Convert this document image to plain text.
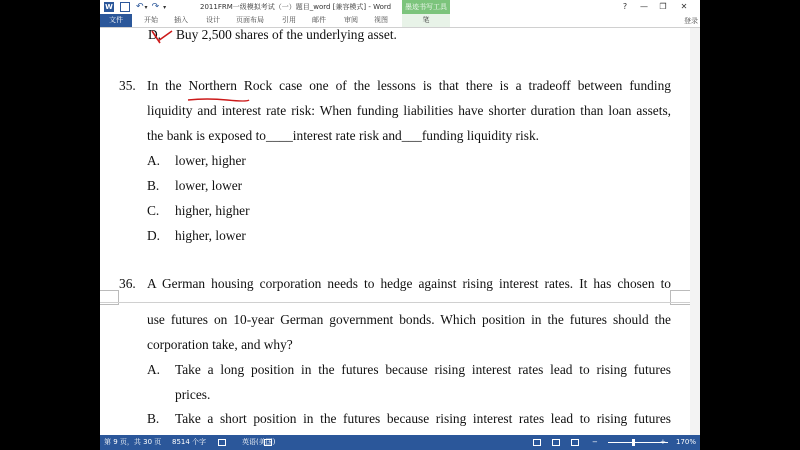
W	↶ ▾ ↷ ▾	2011FRM一级模拟考试（一）题目_word [兼容模式] - Word	墨迹书写工具	?	—	❐	✕
文件	开始 插入	设计 页面布局	引用 邮件	审阅 视图	笔	登录
D. Buy 2,500 shares of the underlying asset.
35. In the Northern Rock case one of the lessons is that there is a tradeoff between funding
liquidity and interest rate risk: When funding liabilities have shorter duration than loan assets,
the bank is exposed to____interest rate risk and___funding liquidity risk.
A. lower, higher
B. lower, lower
C. higher, higher
D. higher, lower
36. A German housing corporation needs to hedge against rising interest rates. It has chosen to
use futures on 10-year German government bonds. Which position in the futures should the
corporation take, and why?
A. Take a long position in the futures because rising interest rates lead to rising futures
prices.
B. Take a short position in the futures because rising interest rates lead to rising futures
第 9 页，共 30 页 8514 个字	英语(美国)	−	+ 170%
